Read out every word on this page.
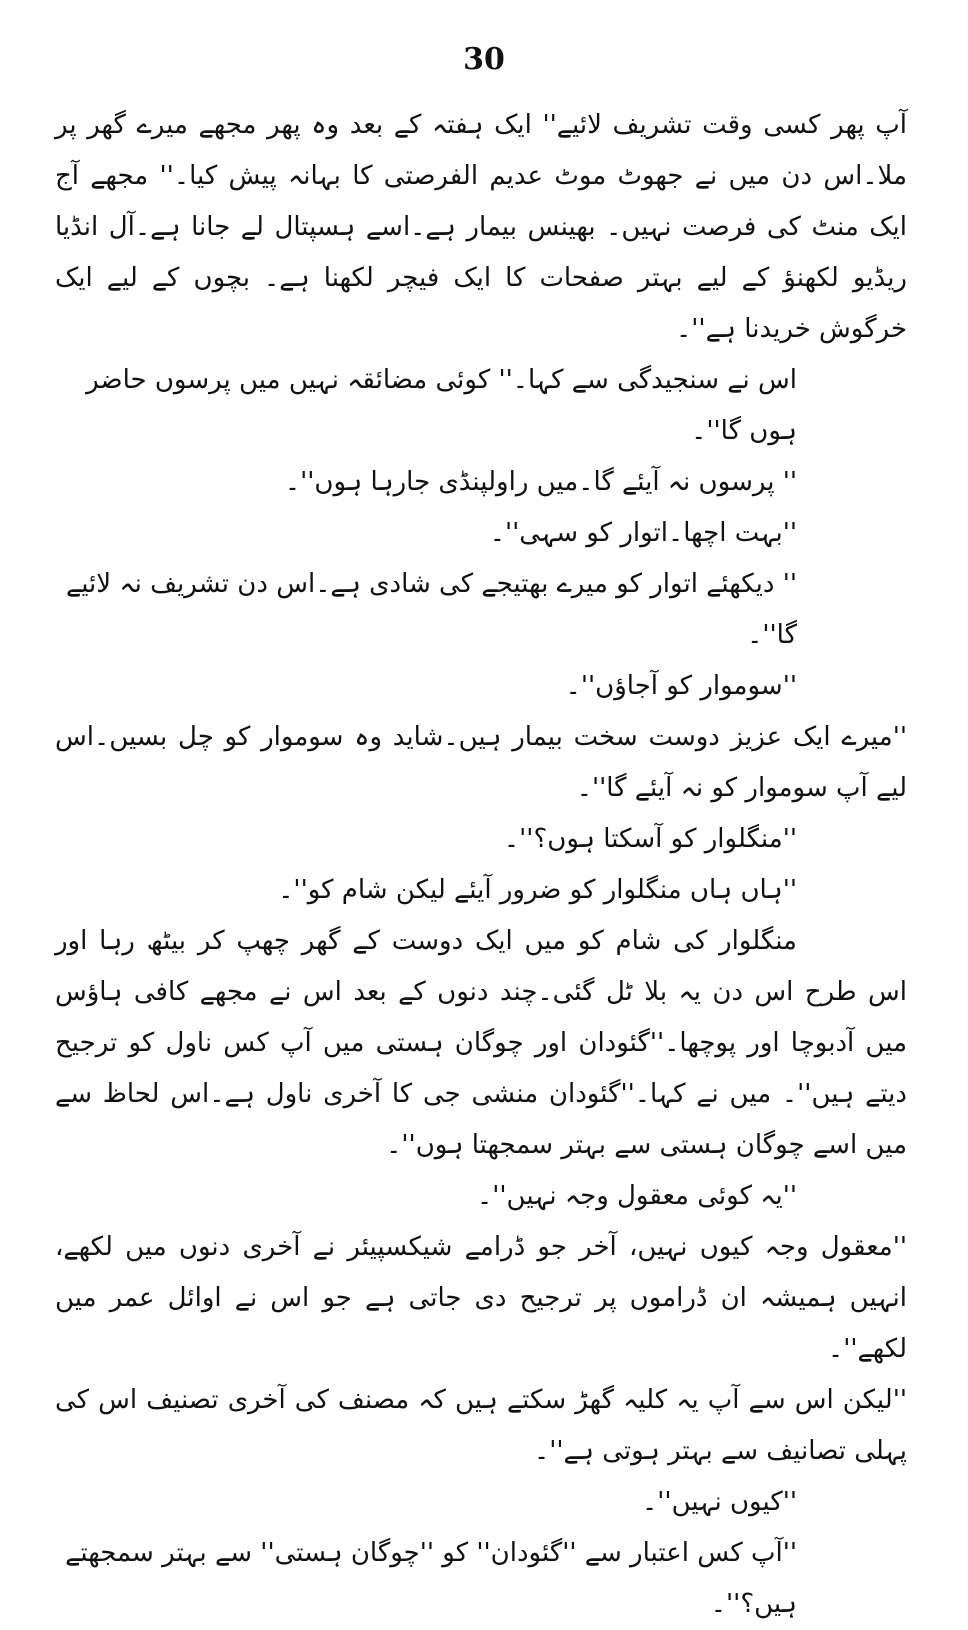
30

آپ پھر کسی وقت تشریف لائیے'' ایک ہفتہ کے بعد وہ پھر مجھے میرے گھر پر ملا۔اس دن میں نے جھوٹ موٹ عدیم الفرصتی کا بہانہ پیش کیا۔'' مجھے آج ایک منٹ کی فرصت نہیں۔ بھینس بیمار ہے۔اسے ہسپتال لے جانا ہے۔آل انڈیا ریڈیو لکھنؤ کے لیے بہتر صفحات کا ایک فیچر لکھنا ہے۔ بچوں کے لیے ایک خرگوش خریدنا ہے''۔

اس نے سنجیدگی سے کہا۔'' کوئی مضائقہ نہیں میں پرسوں حاضر ہوں گا''۔

'' پرسوں نہ آیئے گا۔میں راولپنڈی جارہا ہوں''۔

''بہت اچھا۔اتوار کو سہی''۔

'' دیکھئے اتوار کو میرے بھتیجے کی شادی ہے۔اس دن تشریف نہ لائیے گا''۔

''سوموار کو آجاؤں''۔

''میرے ایک عزیز دوست سخت بیمار ہیں۔شاید وہ سوموار کو چل بسیں۔اس لیے آپ سوموار کو نہ آیئے گا''۔

''منگلوار کو آسکتا ہوں؟''۔

''ہاں ہاں منگلوار کو ضرور آیئے لیکن شام کو''۔

منگلوار کی شام کو میں ایک دوست کے گھر چھپ کر بیٹھ رہا اور اس طرح اس دن یہ بلا ٹل گئی۔چند دنوں کے بعد اس نے مجھے کافی ہاؤس میں آدبوچا اور پوچھا۔''گئودان اور چوگان ہستی میں آپ کس ناول کو ترجیح دیتے ہیں''۔ میں نے کہا۔''گئودان منشی جی کا آخری ناول ہے۔اس لحاظ سے میں اسے چوگان ہستی سے بہتر سمجھتا ہوں''۔

''یہ کوئی معقول وجہ نہیں''۔

''معقول وجہ کیوں نہیں، آخر جو ڈرامے شیکسپیئر نے آخری دنوں میں لکھے، انہیں ہمیشہ ان ڈراموں پر ترجیح دی جاتی ہے جو اس نے اوائل عمر میں لکھے''۔

''لیکن اس سے آپ یہ کلیہ گھڑ سکتے ہیں کہ مصنف کی آخری تصنیف اس کی پہلی تصانیف سے بہتر ہوتی ہے''۔

''کیوں نہیں''۔

''آپ کس اعتبار سے ''گئودان'' کو ''چوگان ہستی'' سے بہتر سمجھتے ہیں؟''۔
